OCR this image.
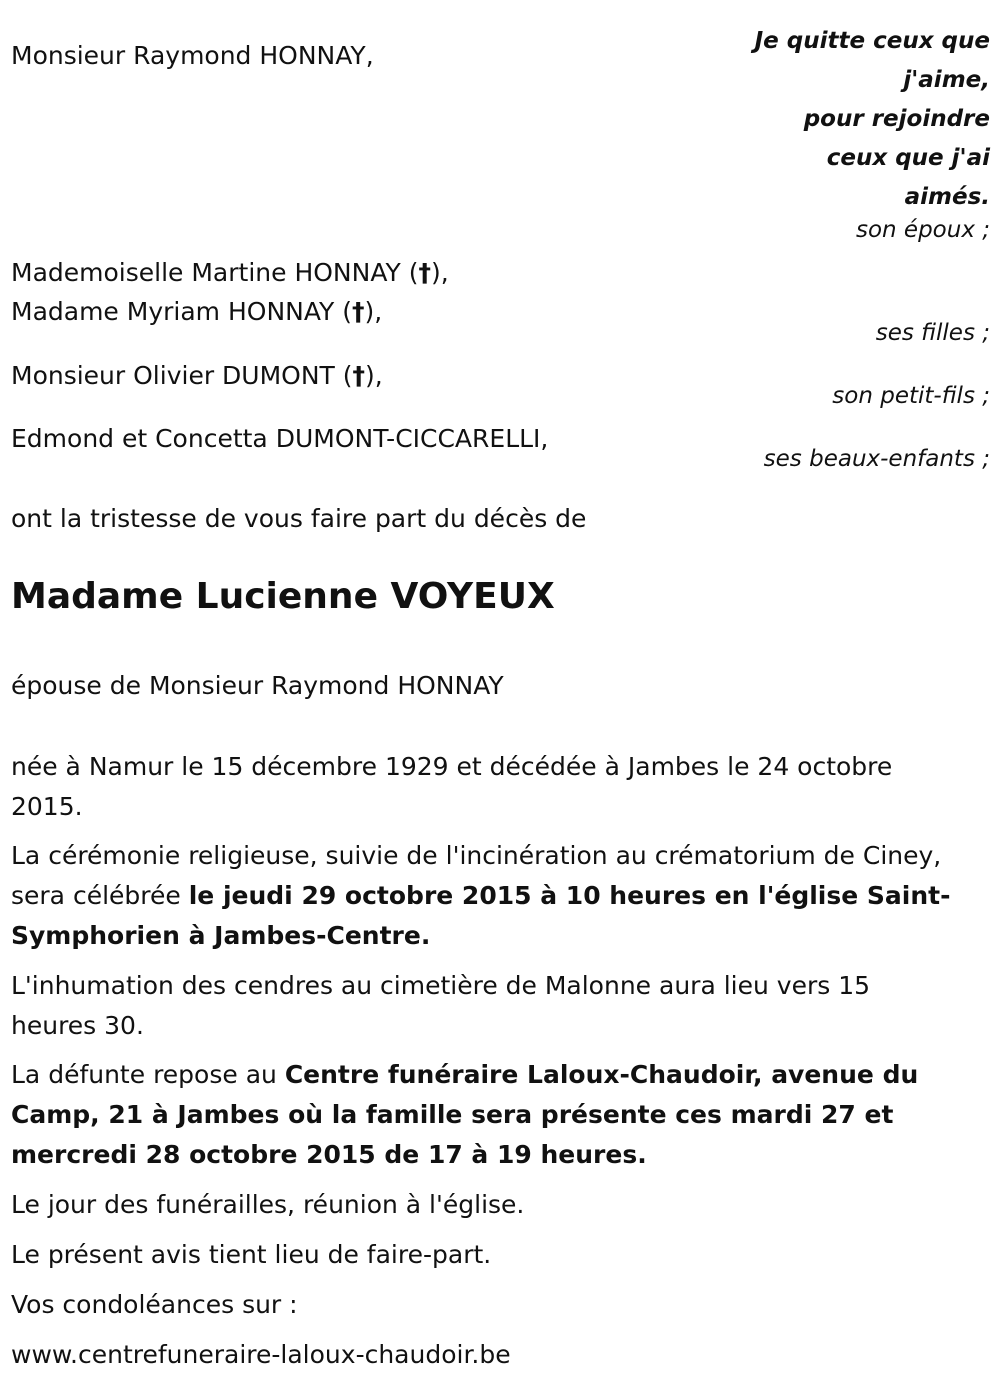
Monsieur Raymond HONNAY,	Je quitte ceux que
j'aime,
pour rejoindre
ceux que j'ai
aimés.
son époux ;
Mademoiselle Martine HONNAY (†),
Madame Myriam HONNAY (†),
ses filles ;
Monsieur Olivier DUMONT (†),
son petit-fils ;
Edmond et Concetta DUMONT-CICCARELLI,
ses beaux-enfants ;
ont la tristesse de vous faire part du décès de
Madame Lucienne VOYEUX
épouse de Monsieur Raymond HONNAY
née à Namur le 15 décembre 1929 et décédée à Jambes le 24 octobre 2015.
La cérémonie religieuse, suivie de l'incinération au crématorium de Ciney, sera célébrée le jeudi 29 octobre 2015 à 10 heures en l'église Saint-Symphorien à Jambes-Centre.
L'inhumation des cendres au cimetière de Malonne aura lieu vers 15 heures 30.
La défunte repose au Centre funéraire Laloux-Chaudoir, avenue du Camp, 21 à Jambes où la famille sera présente ces mardi 27 et mercredi 28 octobre 2015 de 17 à 19 heures.
Le jour des funérailles, réunion à l'église.
Le présent avis tient lieu de faire-part.
Vos condoléances sur :
www.centrefuneraire-laloux-chaudoir.be
